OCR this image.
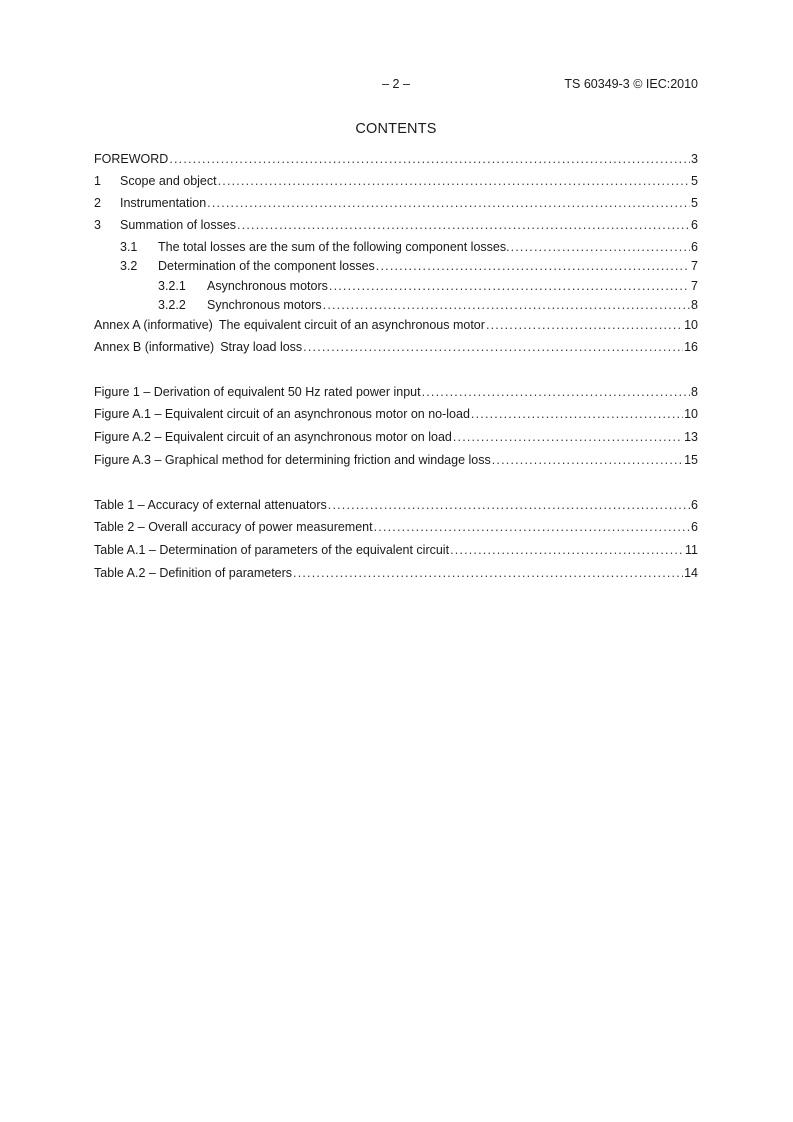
– 2 –	TS 60349-3 © IEC:2010
CONTENTS
FOREWORD .....	3
1	Scope and object .....	5
2	Instrumentation .....	5
3	Summation of losses .....	6
3.1	The total losses are the sum of the following component losses. .....	6
3.2	Determination of the component losses .....	7
3.2.1	Asynchronous motors .....	7
3.2.2	Synchronous motors .....	8
Annex A (informative) The equivalent circuit of an asynchronous motor .....	10
Annex B (informative) Stray load loss .....	16
Figure 1 – Derivation of equivalent 50 Hz rated power input .....	8
Figure A.1 – Equivalent circuit of an asynchronous motor on no-load .....	10
Figure A.2 – Equivalent circuit of an asynchronous motor on load .....	13
Figure A.3 – Graphical method for determining friction and windage loss .....	15
Table 1 – Accuracy of external attenuators .....	6
Table 2 – Overall accuracy of power measurement .....	6
Table A.1 – Determination of parameters of the equivalent circuit .....	11
Table A.2 – Definition of parameters .....	14
